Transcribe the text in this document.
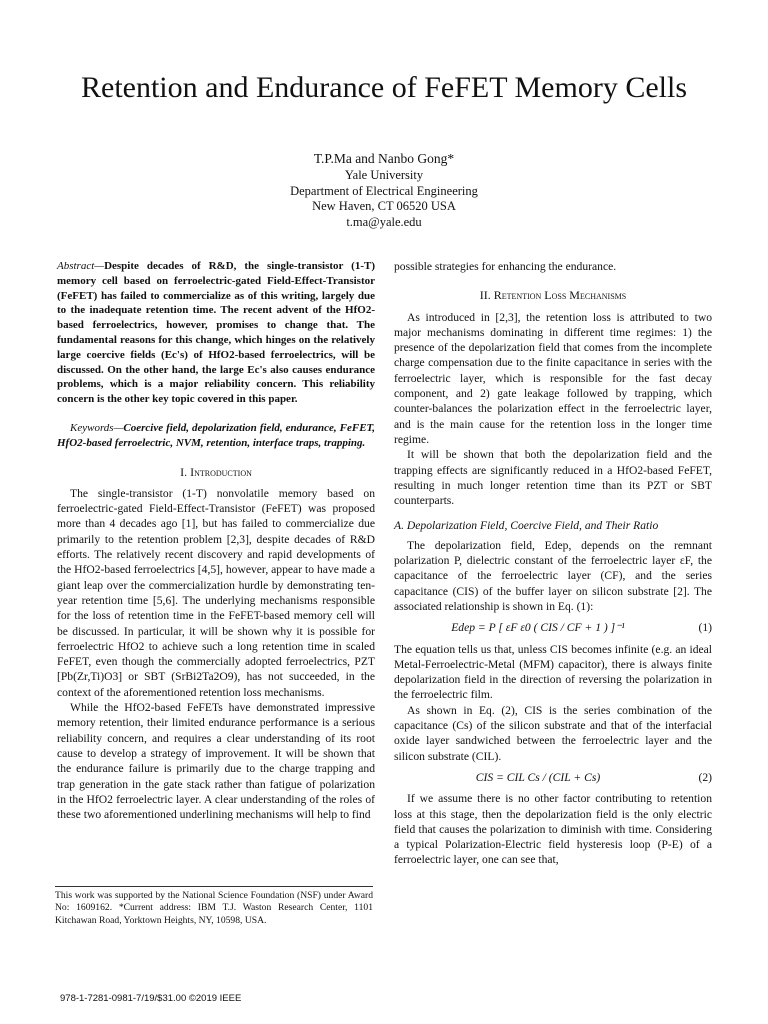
Retention and Endurance of FeFET Memory Cells
T.P.Ma and Nanbo Gong*
Yale University
Department of Electrical Engineering
New Haven, CT 06520 USA
t.ma@yale.edu

Abstract—Despite decades of R&D, the single-transistor (1-T) memory cell based on ferroelectric-gated Field-Effect-Transistor (FeFET) has failed to commercialize as of this writing, largely due to the inadequate retention time. The recent advent of the HfO2-based ferroelectrics, however, promises to change that. The fundamental reasons for this change, which hinges on the relatively large coercive fields (Ec's) of HfO2-based ferroelectrics, will be discussed. On the other hand, the large Ec's also causes endurance problems, which is a major reliability concern. This reliability concern is the other key topic covered in this paper.

Keywords—Coercive field, depolarization field, endurance, FeFET, HfO2-based ferroelectric, NVM, retention, interface traps, trapping.

I. Introduction

The single-transistor (1-T) nonvolatile memory based on ferroelectric-gated Field-Effect-Transistor (FeFET) was proposed more than 4 decades ago [1], but has failed to commercialize due primarily to the retention problem [2,3], despite decades of R&D efforts. The relatively recent discovery and rapid developments of the HfO2-based ferroelectrics [4,5], however, appear to have made a giant leap over the commercialization hurdle by demonstrating ten-year retention time [5,6]. The underlying mechanisms responsible for the loss of retention time in the FeFET-based memory cell will be discussed. In particular, it will be shown why it is possible for ferroelectric HfO2 to achieve such a long retention time in scaled FeFET, even though the commercially adopted ferroelectrics, PZT [Pb(Zr,Ti)O3] or SBT (SrBi2Ta2O9), has not succeeded, in the context of the aforementioned retention loss mechanisms.

While the HfO2-based FeFETs have demonstrated impressive memory retention, their limited endurance performance is a serious reliability concern, and requires a clear understanding of its root cause to develop a strategy of improvement. It will be shown that the endurance failure is primarily due to the charge trapping and trap generation in the gate stack rather than fatigue of polarization in the HfO2 ferroelectric layer. A clear understanding of the roles of these two aforementioned underlining mechanisms will help to find

possible strategies for enhancing the endurance.

II. Retention Loss Mechanisms

As introduced in [2,3], the retention loss is attributed to two major mechanisms dominating in different time regimes: 1) the presence of the depolarization field that comes from the incomplete charge compensation due to the finite capacitance in series with the ferroelectric layer, which is responsible for the fast decay component, and 2) gate leakage followed by trapping, which counter-balances the polarization effect in the ferroelectric layer, and is the main cause for the retention loss in the longer time regime.

It will be shown that both the depolarization field and the trapping effects are significantly reduced in a HfO2-based FeFET, resulting in much longer retention time than its PZT or SBT counterparts.

A. Depolarization Field, Coercive Field, and Their Ratio

The depolarization field, Edep, depends on the remnant polarization P, dielectric constant of the ferroelectric layer εF, the capacitance of the ferroelectric layer (CF), and the series capacitance (CIS) of the buffer layer on silicon substrate [2]. The associated relationship is shown in Eq. (1):

Edep = P [ εF ε0 ( CIS / CF + 1 ) ]⁻¹	(1)

The equation tells us that, unless CIS becomes infinite (e.g. an ideal Metal-Ferroelectric-Metal (MFM) capacitor), there is always finite depolarization field in the direction of reversing the polarization in the ferroelectric film.

As shown in Eq. (2), CIS is the series combination of the capacitance (Cs) of the silicon substrate and that of the interfacial oxide layer sandwiched between the ferroelectric layer and the silicon substrate (CIL).

CIS = CIL Cs / (CIL + Cs)	(2)

If we assume there is no other factor contributing to retention loss at this stage, then the depolarization field is the only electric field that causes the polarization to diminish with time. Considering a typical Polarization-Electric field hysteresis loop (P-E) of a ferroelectric layer, one can see that,

This work was supported by the National Science Foundation (NSF) under Award No: 1609162. *Current address: IBM T.J. Waston Research Center, 1101 Kitchawan Road, Yorktown Heights, NY, 10598, USA.
978-1-7281-0981-7/19/$31.00 ©2019 IEEE
